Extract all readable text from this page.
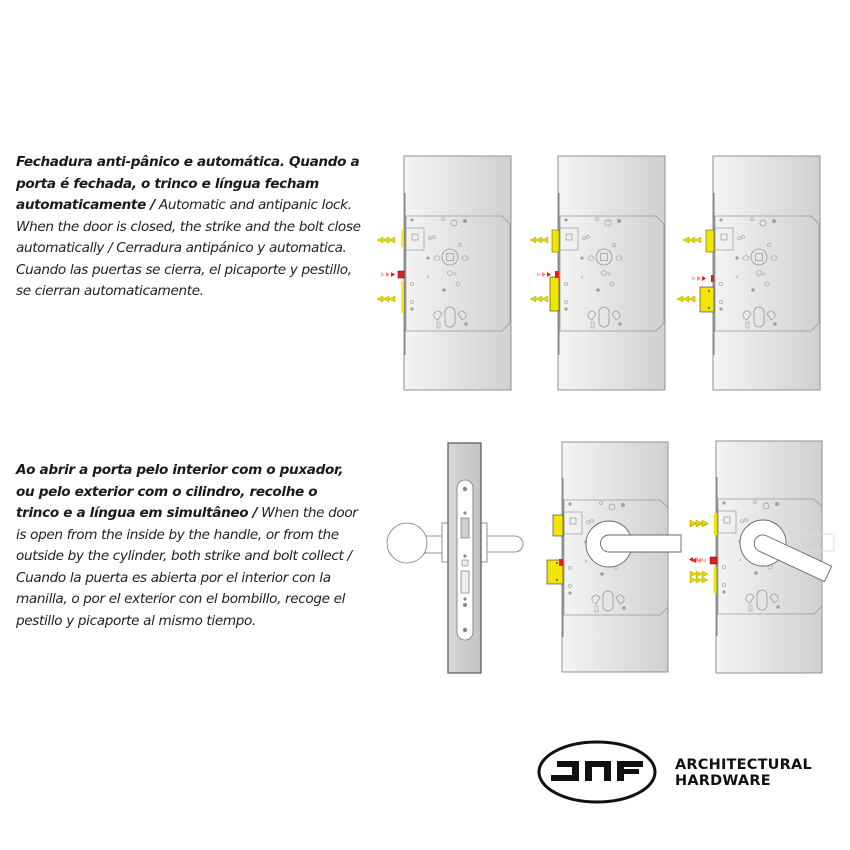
Fechadura anti-pânico e automática. Quando a porta é fechada, o trinco e língua fecham automaticamente / Automatic and antipanic lock. When the door is closed, the strike and the bolt close automatically / Cerradura antipánico y automatica. Cuando las puertas se cierra, el picaporte y pestillo, se cierran automaticamente.
Ao abrir a porta pelo interior com o puxador, ou pelo exterior com o cilindro, recolhe o trinco e a língua em simultâneo / When the door is open from the inside by the handle, or from the outside by the cylinder, both strike and bolt collect / Cuando la puerta es abierta por el interior con la manilla, o por el exterior con el bombillo, recoge el pestillo y picaporte al mismo tiempo.
ARCHITECTURAL
HARDWARE
